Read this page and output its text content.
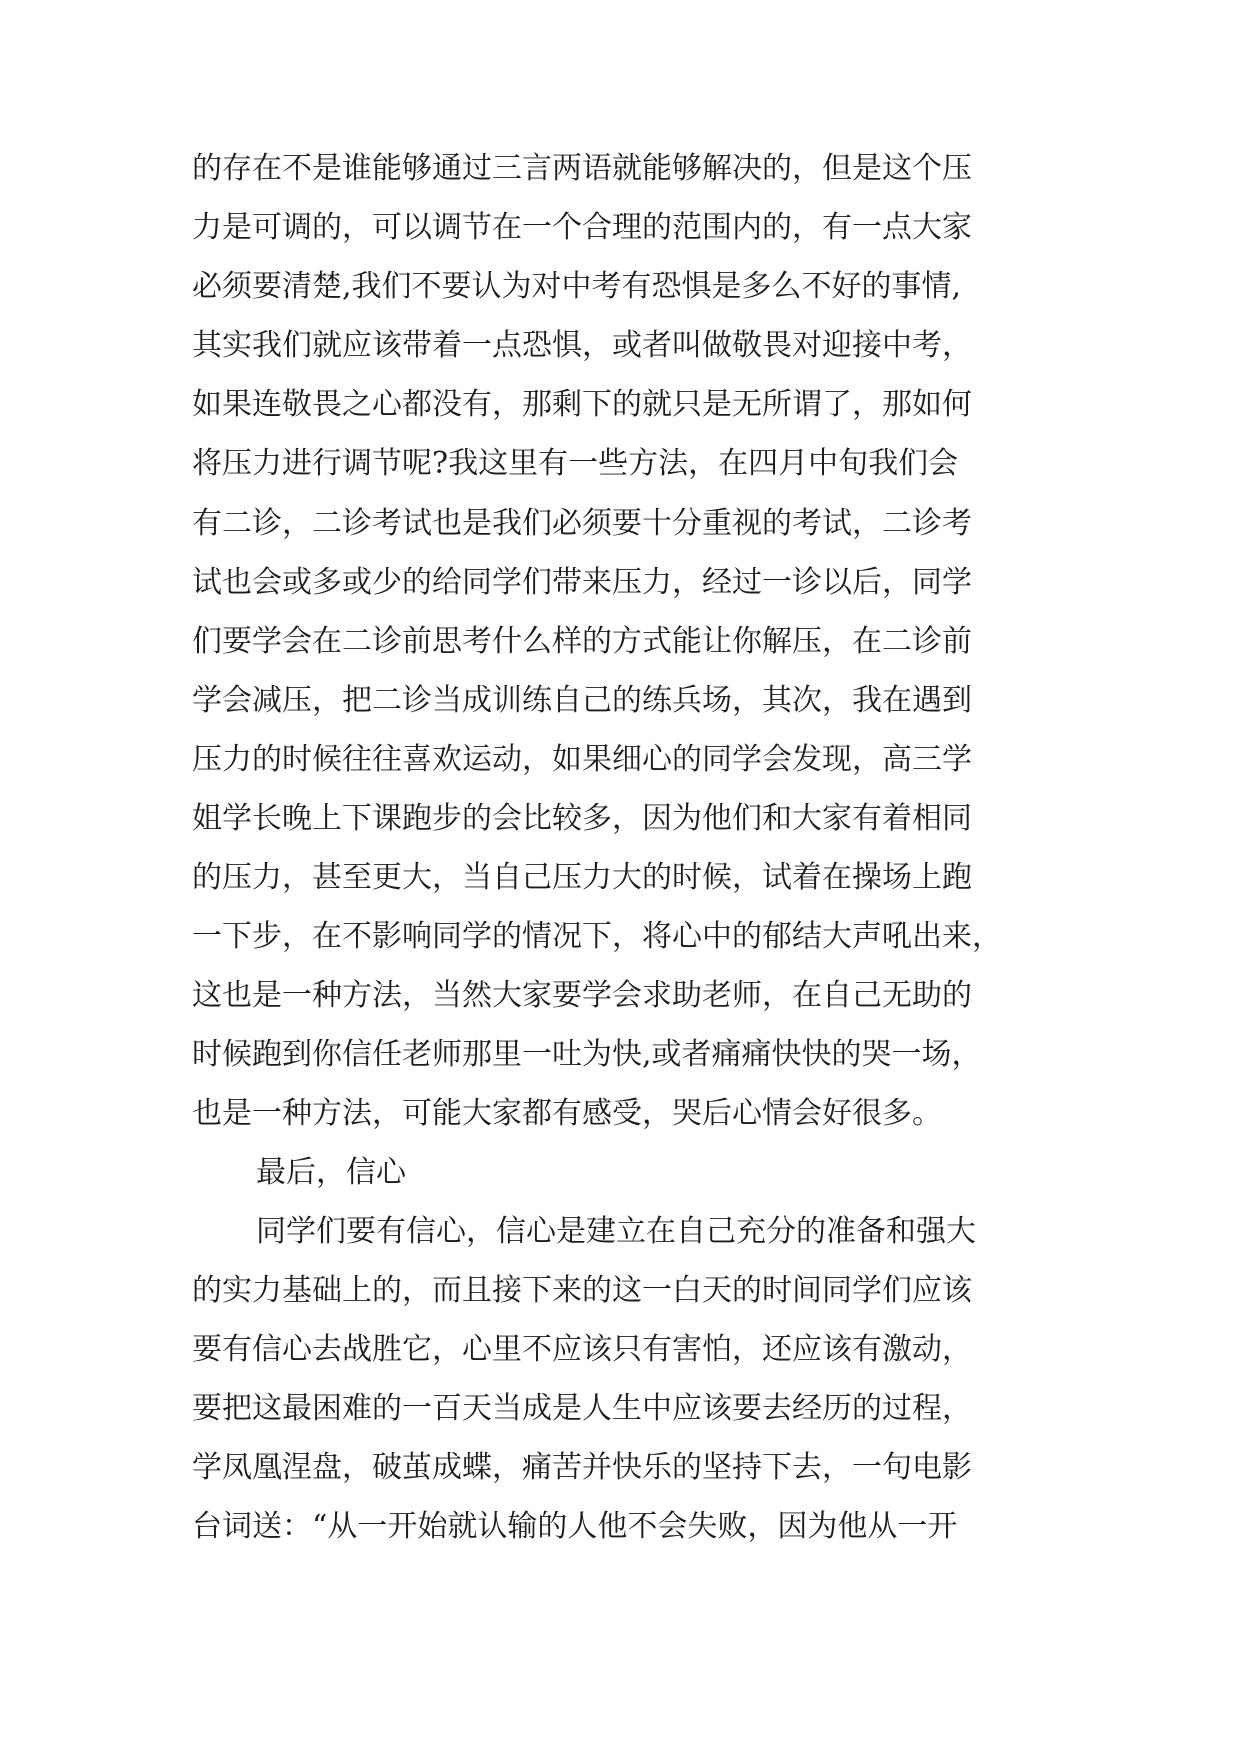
的存在不是谁能够通过三言两语就能够解决的，但是这个压
力是可调的，可以调节在一个合理的范围内的，有一点大家
必须要清楚,我们不要认为对中考有恐惧是多么不好的事情,
其实我们就应该带着一点恐惧，或者叫做敬畏对迎接中考，
如果连敬畏之心都没有，那剩下的就只是无所谓了，那如何
将压力进行调节呢?我这里有一些方法，在四月中旬我们会
有二诊，二诊考试也是我们必须要十分重视的考试，二诊考
试也会或多或少的给同学们带来压力，经过一诊以后，同学
们要学会在二诊前思考什么样的方式能让你解压，在二诊前
学会减压，把二诊当成训练自己的练兵场，其次，我在遇到
压力的时候往往喜欢运动，如果细心的同学会发现，高三学
姐学长晚上下课跑步的会比较多，因为他们和大家有着相同
的压力，甚至更大，当自己压力大的时候，试着在操场上跑
一下步，在不影响同学的情况下，将心中的郁结大声吼出来，
这也是一种方法，当然大家要学会求助老师，在自己无助的
时候跑到你信任老师那里一吐为快,或者痛痛快快的哭一场，
也是一种方法，可能大家都有感受，哭后心情会好很多。
最后，信心
同学们要有信心，信心是建立在自己充分的准备和强大
的实力基础上的，而且接下来的这一白天的时间同学们应该
要有信心去战胜它，心里不应该只有害怕，还应该有激动，
要把这最困难的一百天当成是人生中应该要去经历的过程，
学凤凰涅盘，破茧成蝶，痛苦并快乐的坚持下去，一句电影
台词送：“从一开始就认输的人他不会失败，因为他从一开
